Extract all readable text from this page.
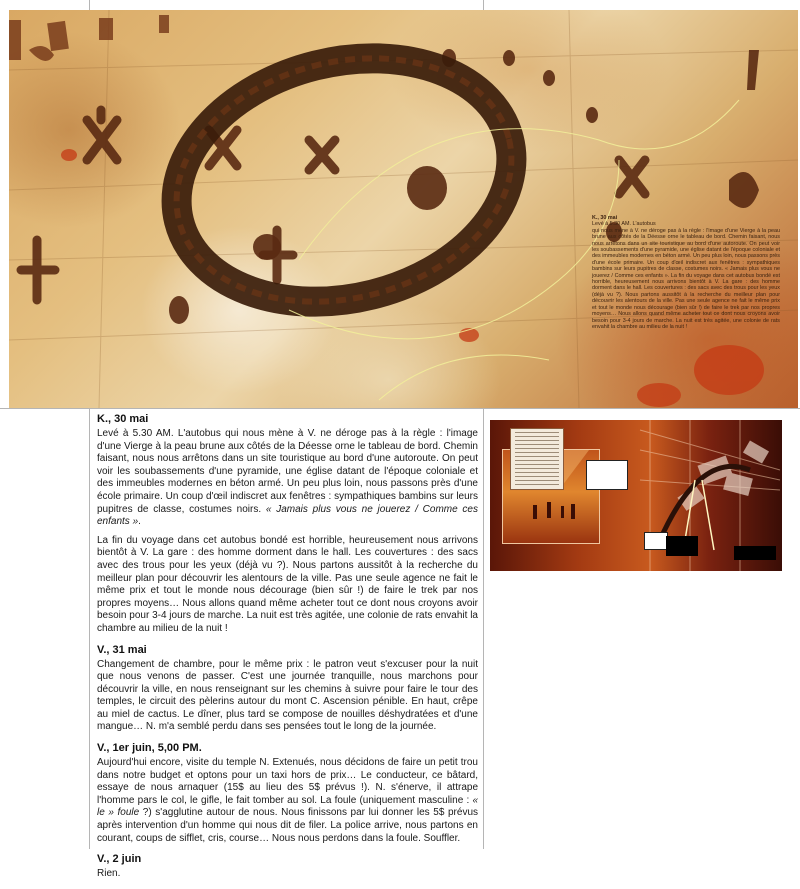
K., 30 mai

Levé à 5.30 AM. L'autobus

qui nous mène à V. ne déroge pas à la règle : l'image d'une Vierge à la peau brune aux côtés de la Déesse orne le tableau de bord. Chemin faisant, nous nous arrêtons dans un site touristique au bord d'une autoroute. On peut voir les soubassements d'une pyramide, une église datant de l'époque coloniale et des immeubles modernes en béton armé. Un peu plus loin, nous passons près d'une école primaire. Un coup d'œil indiscret aux fenêtres : sympathiques bambins sur leurs pupitres de classe, costumes noirs. « Jamais plus vous ne jouerez / Comme ces enfants ». La fin du voyage dans cet autobus bondé est horrible, heureusement nous arrivons bientôt à V. La gare : des homme dorment dans le hall. Les couvertures : des sacs avec des trous pour les yeux (déjà vu ?). Nous partons aussitôt à la recherche du meilleur plan pour découvrir les alentours de la ville. Pas une seule agence ne fait le même prix et tout le monde nous décourage (bien sûr !) de faire le trek par nos propres moyens… Nous allons quand même acheter tout ce dont nous croyons avoir besoin pour 3-4 jours de marche. La nuit est très agitée, une colonie de rats envahit la chambre au milieu de la nuit !

K., 30 mai

Levé à 5.30 AM. L'autobus qui nous mène à V. ne déroge pas à la règle : l'image d'une Vierge à la peau brune aux côtés de la Déesse orne le tableau de bord. Chemin faisant, nous nous arrêtons dans un site touristique au bord d'une autoroute. On peut voir les soubassements d'une pyramide, une église datant de l'époque coloniale et des immeubles modernes en béton armé. Un peu plus loin, nous passons près d'une école primaire. Un coup d'œil indiscret aux fenêtres : sympathiques bambins sur leurs pupitres de classe, costumes noirs. « Jamais plus vous ne jouerez / Comme ces enfants ».

La fin du voyage dans cet autobus bondé est horrible, heureusement nous arrivons bientôt à V. La gare : des homme dorment dans le hall. Les couvertures : des sacs avec des trous pour les yeux (déjà vu ?). Nous partons aussitôt à la recherche du meilleur plan pour découvrir les alentours de la ville. Pas une seule agence ne fait le même prix et tout le monde nous décourage (bien sûr !) de faire le trek par nos propres moyens… Nous allons quand même acheter tout ce dont nous croyons avoir besoin pour 3-4 jours de marche. La nuit est très agitée, une colonie de rats envahit la chambre au milieu de la nuit !

V., 31 mai

Changement de chambre, pour le même prix : le patron veut s'excuser pour la nuit que nous venons de passer. C'est une journée tranquille, nous marchons pour découvrir la ville, en nous renseignant sur les chemins à suivre pour faire le tour des temples, le circuit des pèlerins autour du mont C. Ascension pénible. En haut, crêpe au miel de cactus. Le dîner, plus tard se compose de nouilles déshydratées et d'une mangue… N. m'a semblé perdu dans ses pensées tout le long de la journée.

V., 1er juin, 5,00 PM.

Aujourd'hui encore, visite du temple N. Extenués, nous décidons de faire un petit trou dans notre budget et optons pour un taxi hors de prix… Le conducteur, ce bâtard, essaye de nous arnaquer (15$ au lieu des 5$ prévus !). N. s'énerve, il attrape l'homme pars le col, le gifle, le fait tomber au sol. La foule (uniquement masculine : « le » foule ?) s'agglutine autour de nous. Nous finissons par lui donner les 5$ prévus après intervention d'un homme qui nous dit de filer. La police arrive, nous partons en courant, coups de sifflet, cris, course… Nous nous perdons dans la foule. Souffler.

V., 2 juin

Rien.
